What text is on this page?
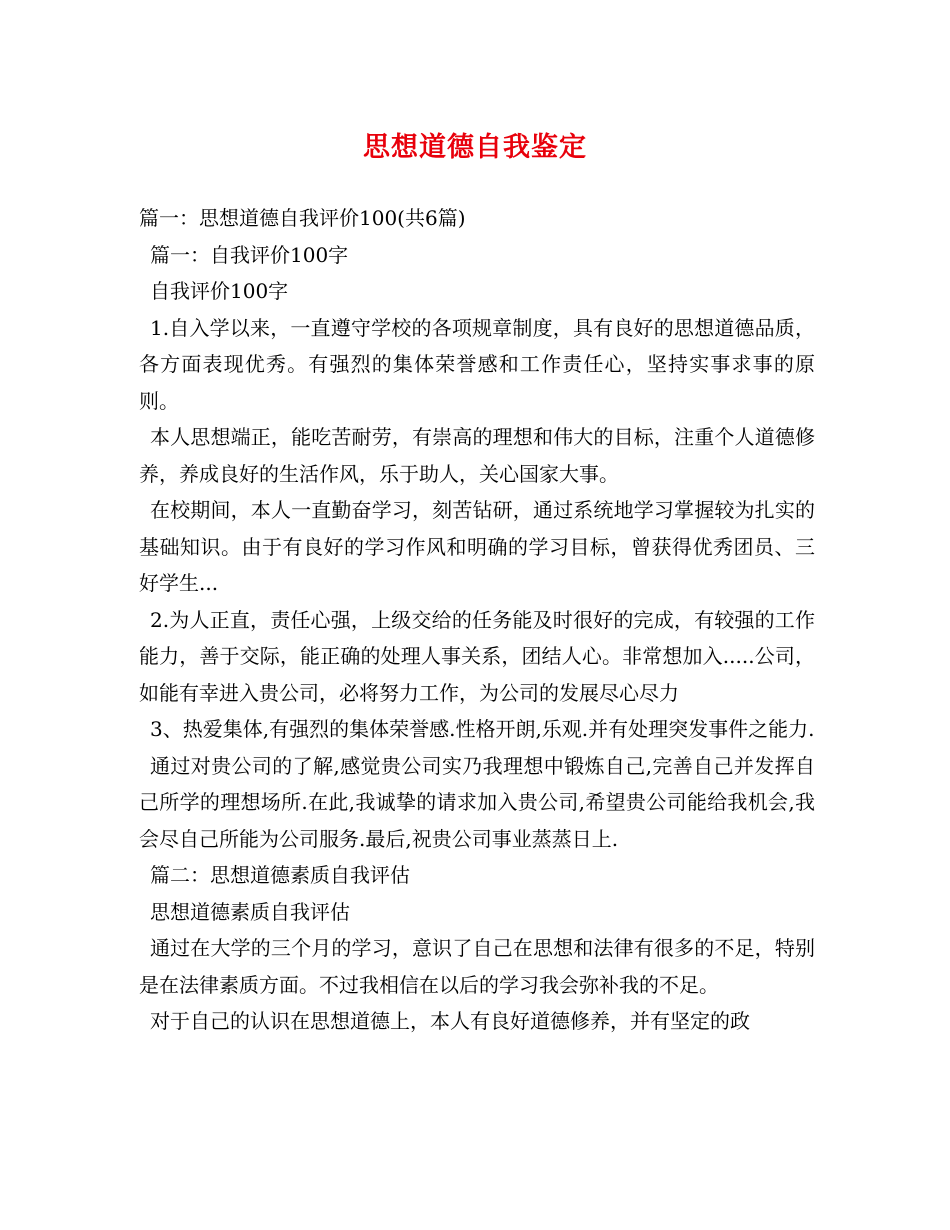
思想道德自我鉴定

篇一：思想道德自我评价100(共6篇)

篇一：自我评价100字

自我评价100字

1.自入学以来，一直遵守学校的各项规章制度，具有良好的思想道德品质，各方面表现优秀。有强烈的集体荣誉感和工作责任心，坚持实事求事的原则。

本人思想端正，能吃苦耐劳，有崇高的理想和伟大的目标，注重个人道德修养，养成良好的生活作风，乐于助人，关心国家大事。

在校期间，本人一直勤奋学习，刻苦钻研，通过系统地学习掌握较为扎实的基础知识。由于有良好的学习作风和明确的学习目标，曾获得优秀团员、三好学生...

2.为人正直，责任心强，上级交给的任务能及时很好的完成，有较强的工作能力，善于交际，能正确的处理人事关系，团结人心。非常想加入.....公司，如能有幸进入贵公司，必将努力工作，为公司的发展尽心尽力

3、热爱集体,有强烈的集体荣誉感.性格开朗,乐观.并有处理突发事件之能力.

通过对贵公司的了解,感觉贵公司实乃我理想中锻炼自己,完善自己并发挥自己所学的理想场所.在此,我诚挚的请求加入贵公司,希望贵公司能给我机会,我会尽自己所能为公司服务.最后,祝贵公司事业蒸蒸日上.

篇二：思想道德素质自我评估

思想道德素质自我评估

通过在大学的三个月的学习，意识了自己在思想和法律有很多的不足，特别是在法律素质方面。不过我相信在以后的学习我会弥补我的不足。

对于自己的认识在思想道德上，本人有良好道德修养，并有坚定的政
